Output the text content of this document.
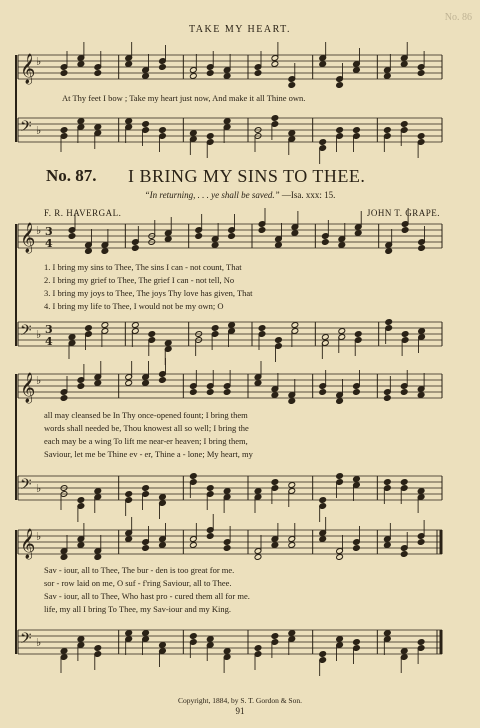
No. 86
TAKE MY HEART.
𝄞 ♭
𝄢 ♭
𝄞 ♭ 3
4
𝄢 ♭ 3
4
𝄞 ♭
𝄢 ♭
𝄞 ♭
𝄢 ♭
At Thy feet I bow ; Take my heart just now, And make it all Thine own.
No. 87. I BRING MY SINS TO THEE.
“In returning, . . . ye shall be saved.” —Isa. xxx: 15.
F. R. HAVERGAL.	JOHN T. GRAPE.
1. I bring my sins to Thee, The sins I can - not count, That
2. I bring my grief to Thee, The grief I can - not tell, No
3. I bring my joys to Thee, The joys Thy love has given, That
4. I bring my life to Thee, I would not be my own; O
all may cleansed be In Thy once-opened fount; I bring them
words shall needed be, Thou knowest all so well; I bring the
each may be a wing To lift me near-er heaven; I bring them,
Saviour, let me be Thine ev - er, Thine a - lone; My heart, my
Sav - iour, all to Thee, The bur - den is too great for me.
sor - row laid on me, O suf - f'ring Saviour, all to Thee.
Sav - iour, all to Thee, Who hast pro - cured them all for me.
life, my all I bring To Thee, my Sav-iour and my King.
Copyright, 1884, by S. T. Gordon & Son.
91
